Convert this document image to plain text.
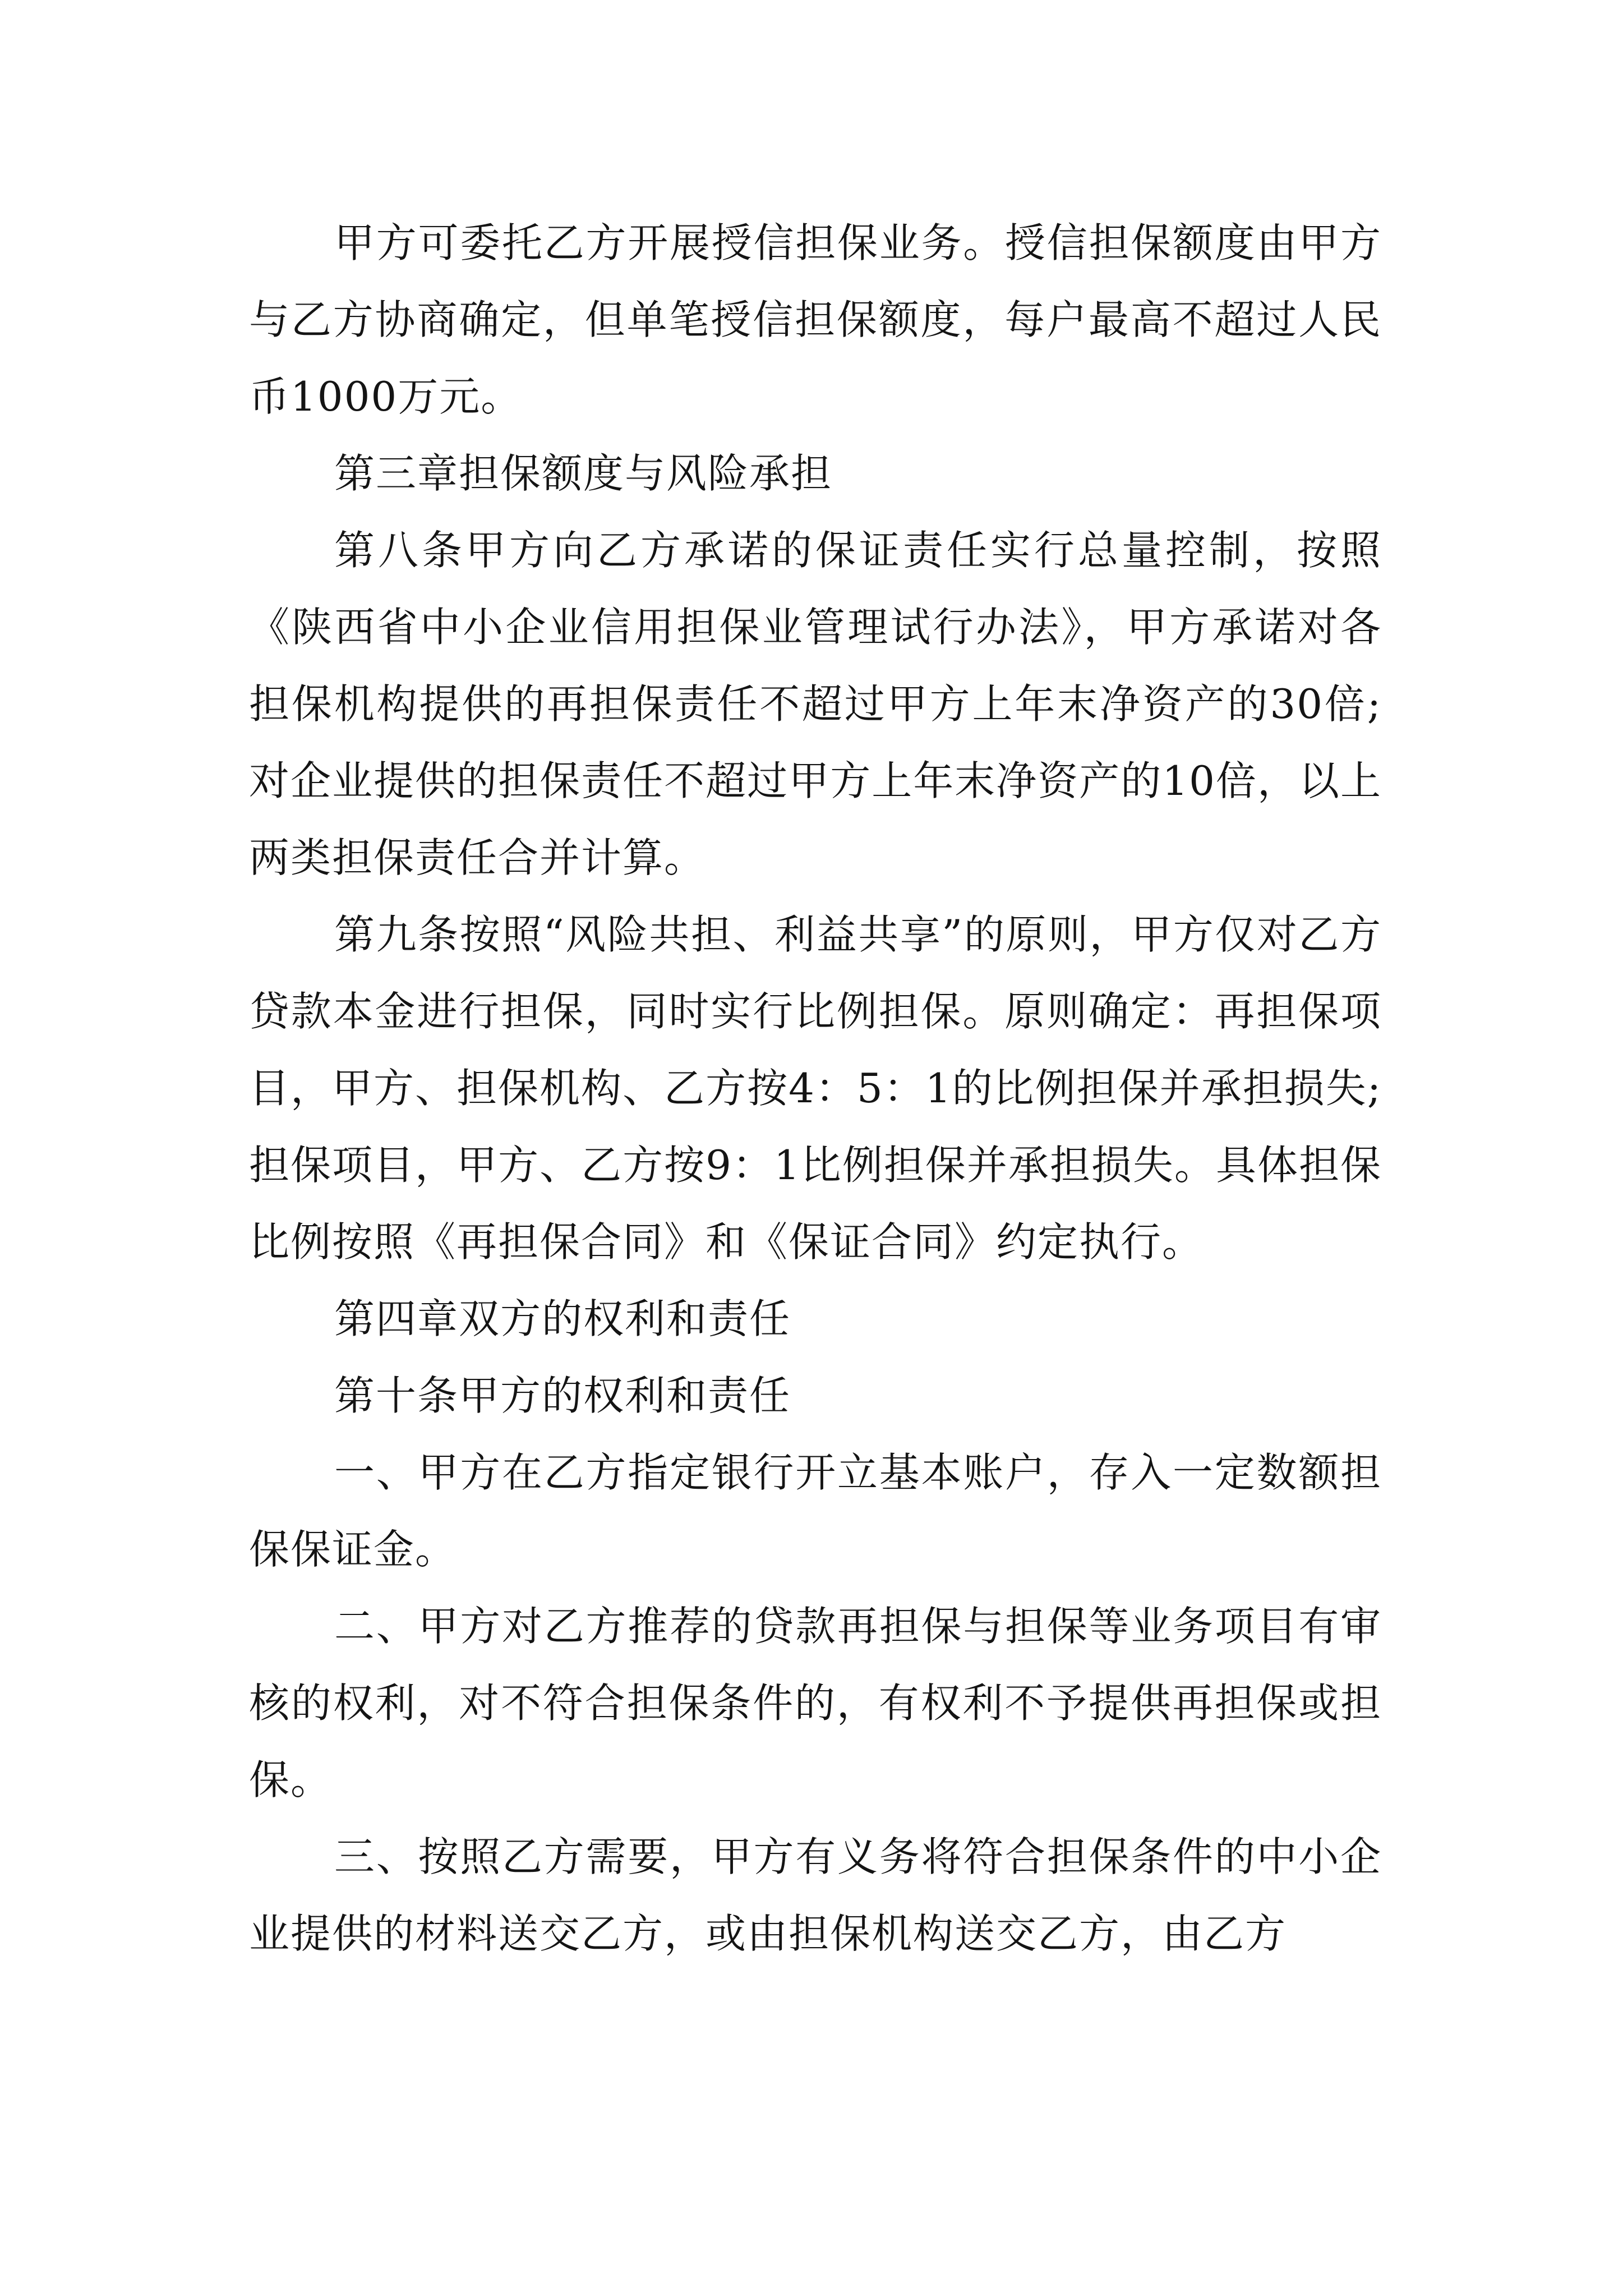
甲方可委托乙方开展授信担保业务。授信担保额度由甲方与乙方协商确定，但单笔授信担保额度，每户最高不超过人民币1000万元。

第三章担保额度与风险承担

第八条甲方向乙方承诺的保证责任实行总量控制，按照《陕西省中小企业信用担保业管理试行办法》，甲方承诺对各担保机构提供的再担保责任不超过甲方上年末净资产的30倍;对企业提供的担保责任不超过甲方上年末净资产的10倍，以上两类担保责任合并计算。

第九条按照“风险共担、利益共享”的原则，甲方仅对乙方贷款本金进行担保，同时实行比例担保。原则确定：再担保项目，甲方、担保机构、乙方按4：5：1的比例担保并承担损失;担保项目，甲方、乙方按9：1比例担保并承担损失。具体担保比例按照《再担保合同》和《保证合同》约定执行。

第四章双方的权利和责任

第十条甲方的权利和责任

一、甲方在乙方指定银行开立基本账户，存入一定数额担保保证金。

二、甲方对乙方推荐的贷款再担保与担保等业务项目有审核的权利，对不符合担保条件的，有权利不予提供再担保或担保。

三、按照乙方需要，甲方有义务将符合担保条件的中小企业提供的材料送交乙方，或由担保机构送交乙方，由乙方
